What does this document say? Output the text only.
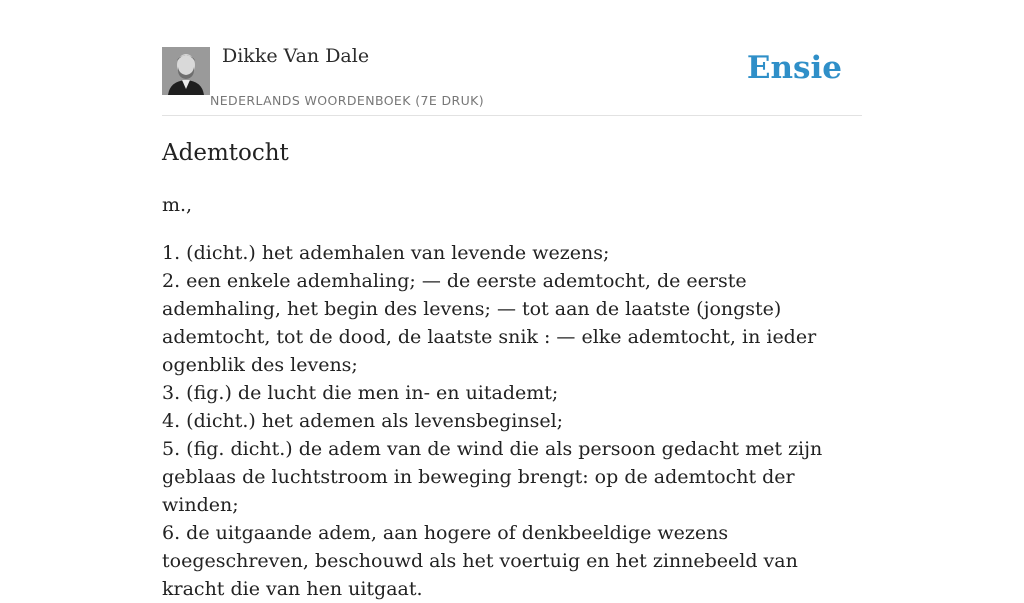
Dikke Van Dale
NEDERLANDS WOORDENBOEK (7E DRUK)
Ensie
Ademtocht

m.,

1. (dicht.) het ademhalen van levende wezens;
2. een enkele ademhaling; — de eerste ademtocht, de eerste ademhaling, het begin des levens; — tot aan de laatste (jongste) ademtocht, tot de dood, de laatste snik : — elke ademtocht, in ieder ogenblik des levens;
3. (fig.) de lucht die men in- en uitademt;
4. (dicht.) het ademen als levensbeginsel;
5. (fig. dicht.) de adem van de wind die als persoon gedacht met zijn geblaas de luchtstroom in beweging brengt: op de ademtocht der winden;
6. de uitgaande adem, aan hogere of denkbeeldige wezens toegeschreven, beschouwd als het voertuig en het zinnebeeld van kracht die van hen uitgaat.
